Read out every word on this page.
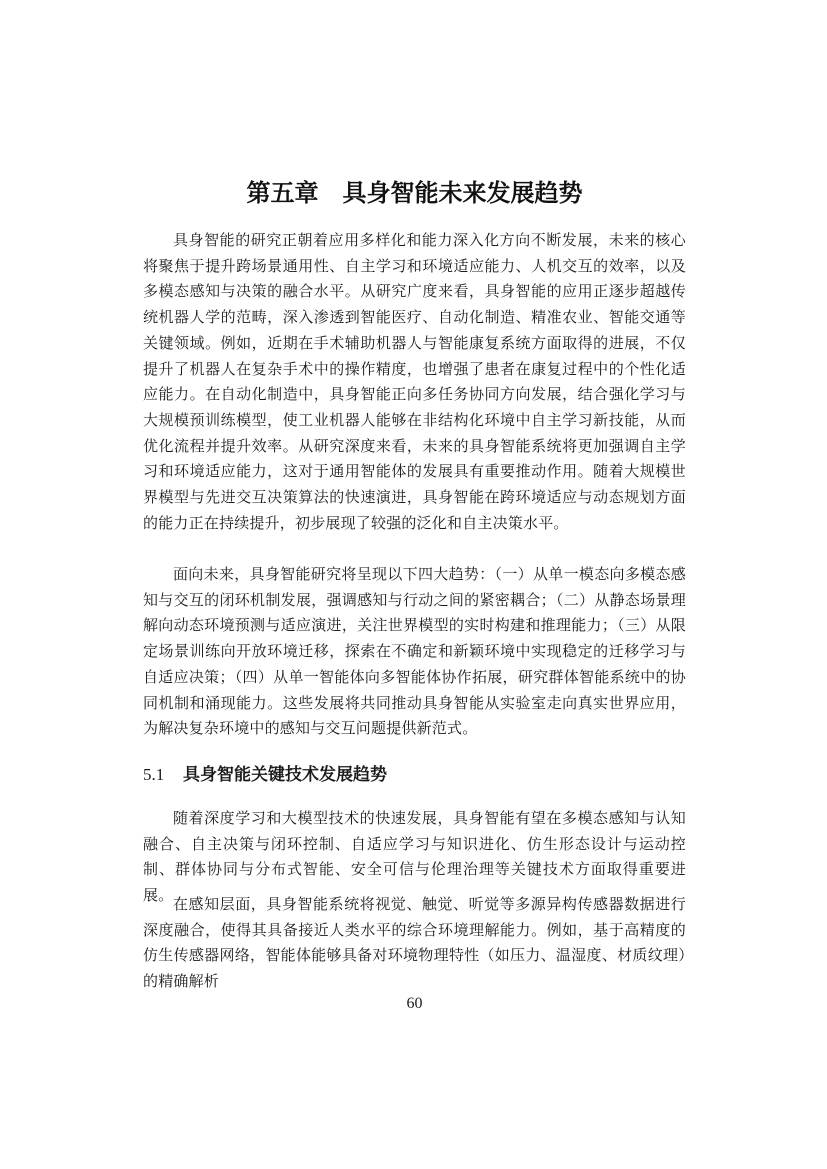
第五章　具身智能未来发展趋势

具身智能的研究正朝着应用多样化和能力深入化方向不断发展，未来的核心将聚焦于提升跨场景通用性、自主学习和环境适应能力、人机交互的效率，以及多模态感知与决策的融合水平。从研究广度来看，具身智能的应用正逐步超越传统机器人学的范畴，深入渗透到智能医疗、自动化制造、精准农业、智能交通等关键领域。例如，近期在手术辅助机器人与智能康复系统方面取得的进展，不仅提升了机器人在复杂手术中的操作精度，也增强了患者在康复过程中的个性化适应能力。在自动化制造中，具身智能正向多任务协同方向发展，结合强化学习与大规模预训练模型，使工业机器人能够在非结构化环境中自主学习新技能，从而优化流程并提升效率。从研究深度来看，未来的具身智能系统将更加强调自主学习和环境适应能力，这对于通用智能体的发展具有重要推动作用。随着大规模世界模型与先进交互决策算法的快速演进，具身智能在跨环境适应与动态规划方面的能力正在持续提升，初步展现了较强的泛化和自主决策水平。

面向未来，具身智能研究将呈现以下四大趋势：（一）从单一模态向多模态感知与交互的闭环机制发展，强调感知与行动之间的紧密耦合；（二）从静态场景理解向动态环境预测与适应演进，关注世界模型的实时构建和推理能力；（三）从限定场景训练向开放环境迁移，探索在不确定和新颖环境中实现稳定的迁移学习与自适应决策；（四）从单一智能体向多智能体协作拓展，研究群体智能系统中的协同机制和涌现能力。这些发展将共同推动具身智能从实验室走向真实世界应用，为解决复杂环境中的感知与交互问题提供新范式。

5.1 具身智能关键技术发展趋势

随着深度学习和大模型技术的快速发展，具身智能有望在多模态感知与认知融合、自主决策与闭环控制、自适应学习与知识进化、仿生形态设计与运动控制、群体协同与分布式智能、安全可信与伦理治理等关键技术方面取得重要进展。 在感知层面，具身智能系统将视觉、触觉、听觉等多源异构传感器数据进行深度融合，使得其具备接近人类水平的综合环境理解能力。例如，基于高精度的仿生传感器网络，智能体能够具备对环境物理特性（如压力、温湿度、材质纹理）的精确解析

60
